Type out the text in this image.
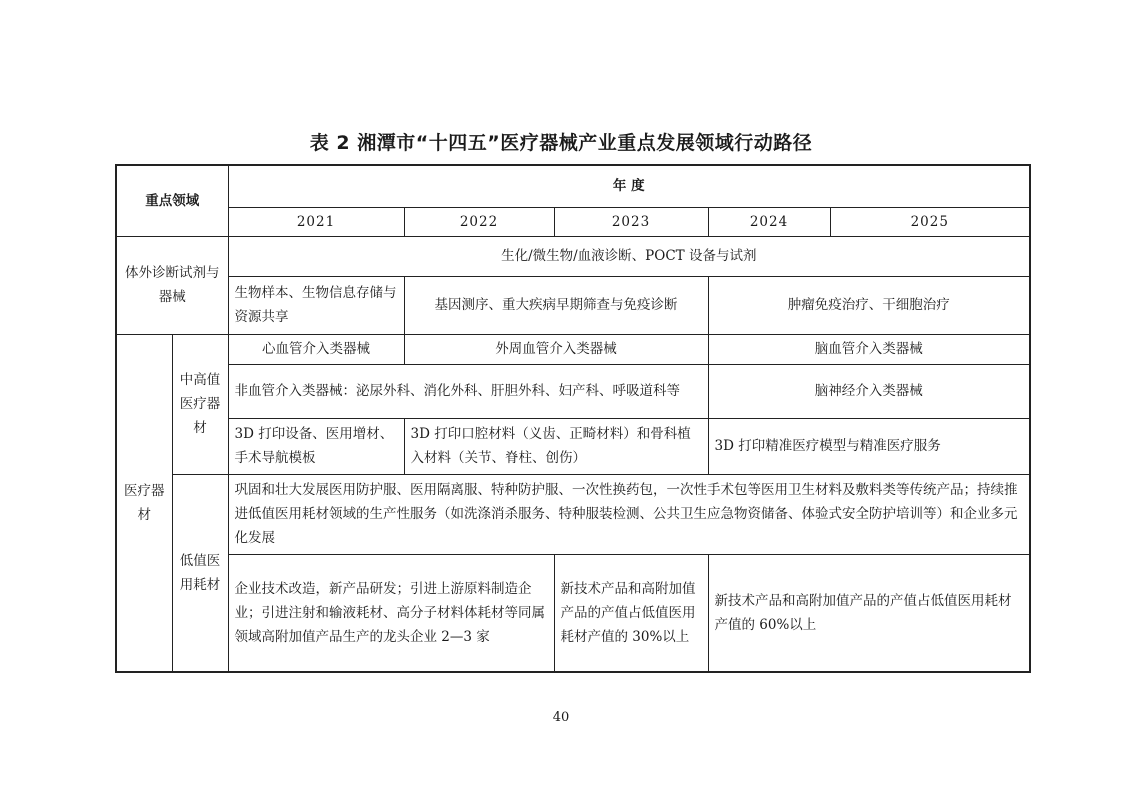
表 2 湘潭市“十四五”医疗器械产业重点发展领域行动路径
重点领域		年 度				
		2021	2022	2023	2024	2025
体外诊断试剂与器械		生化/微生物/血液诊断、POCT 设备与试剂				
		生物样本、生物信息存储与资源共享	基因测序、重大疾病早期筛查与免疫诊断		肿瘤免疫治疗、干细胞治疗	
医疗器材	中高值医疗器材	心血管介入类器械	外周血管介入类器械		脑血管介入类器械	
		非血管介入类器械：泌尿外科、消化外科、肝胆外科、妇产科、呼吸道科等			脑神经介入类器械	
		3D 打印设备、医用增材、手术导航模板	3D 打印口腔材料（义齿、正畸材料）和骨科植入材料（关节、脊柱、创伤）		3D 打印精准医疗模型与精准医疗服务	
	低值医用耗材	巩固和壮大发展医用防护服、医用隔离服、特种防护服、一次性换药包，一次性手术包等医用卫生材料及敷料类等传统产品；持续推进低值医用耗材领域的生产性服务（如洗涤消杀服务、特种服装检测、公共卫生应急物资储备、体验式安全防护培训等）和企业多元化发展				
		企业技术改造，新产品研发；引进上游原料制造企业；引进注射和输液耗材、高分子材料体耗材等同属领域高附加值产品生产的龙头企业 2—3 家		新技术产品和高附加值产品的产值占低值医用耗材产值的 30%以上	新技术产品和高附加值产品的产值占低值医用耗材产值的 60%以上	
40
